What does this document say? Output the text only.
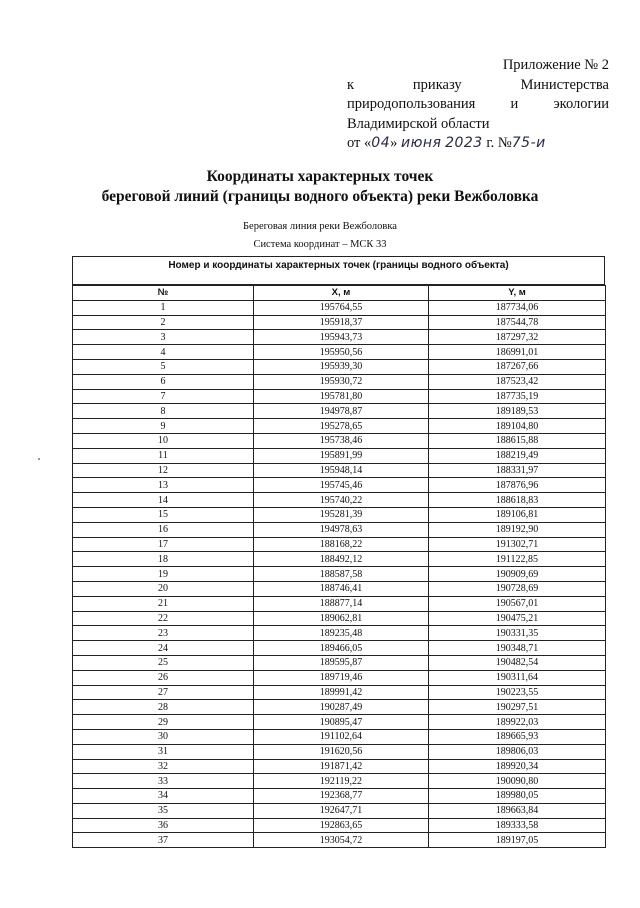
Приложение № 2
к приказу Министерства
природопользования и экологии
Владимирской области
от «04» июня 2023 г. №75-и
Координаты характерных точек
береговой линий (границы водного объекта) реки Вежболовка
Береговая линия реки Вежболовка
Система координат – МСК 33
Номер и координаты характерных точек (границы водного объекта)
№	X, м	Y, м
1	195764,55	187734,06
2	195918,37	187544,78
3	195943,73	187297,32
4	195950,56	186991,01
5	195939,30	187267,66
6	195930,72	187523,42
7	195781,80	187735,19
8	194978,87	189189,53
9	195278,65	189104,80
10	195738,46	188615,88
11	195891,99	188219,49
12	195948,14	188331,97
13	195745,46	187876,96
14	195740,22	188618,83
15	195281,39	189106,81
16	194978,63	189192,90
17	188168,22	191302,71
18	188492,12	191122,85
19	188587,58	190909,69
20	188746,41	190728,69
21	188877,14	190567,01
22	189062,81	190475,21
23	189235,48	190331,35
24	189466,05	190348,71
25	189595,87	190482,54
26	189719,46	190311,64
27	189991,42	190223,55
28	190287,49	190297,51
29	190895,47	189922,03
30	191102,64	189665,93
31	191620,56	189806,03
32	191871,42	189920,34
33	192119,22	190090,80
34	192368,77	189980,05
35	192647,71	189663,84
36	192863,65	189333,58
37	193054,72	189197,05
